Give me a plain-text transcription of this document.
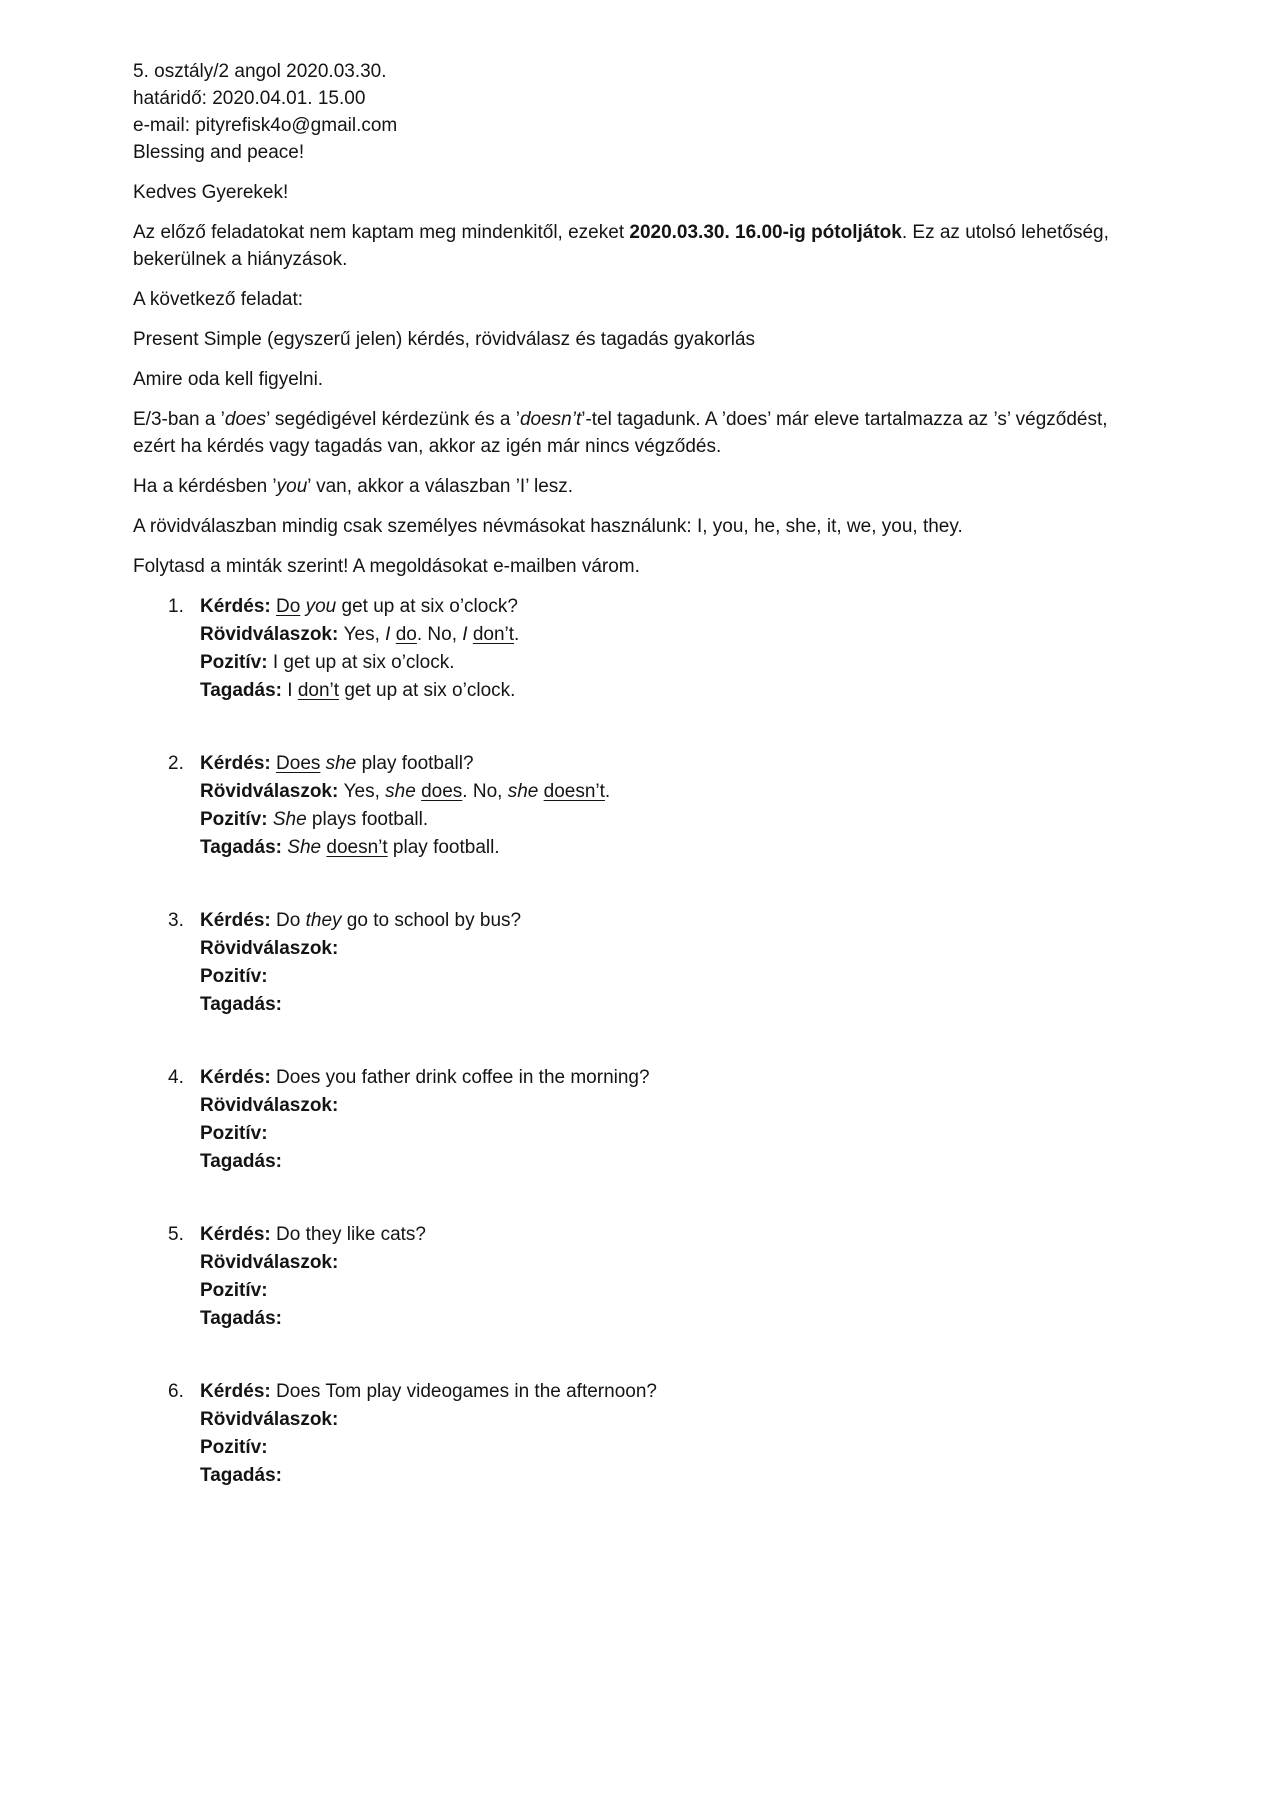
5. osztály/2 angol 2020.03.30.

határidő: 2020.04.01. 15.00

e-mail: pityrefisk4o@gmail.com

Blessing and peace!

Kedves Gyerekek!

Az előző feladatokat nem kaptam meg mindenkitől, ezeket 2020.03.30. 16.00-ig pótoljátok. Ez az utolsó lehetőség, bekerülnek a hiányzások.

A következő feladat:

Present Simple (egyszerű jelen) kérdés, rövidválasz és tagadás gyakorlás

Amire oda kell figyelni.

E/3-ban a ’does’ segédigével kérdezünk és a ’doesn’t’-tel tagadunk. A ’does’ már eleve tartalmazza az ’s’ végződést, ezért ha kérdés vagy tagadás van, akkor az igén már nincs végződés.

Ha a kérdésben ’you’ van, akkor a válaszban ’I’ lesz.

A rövidválaszban mindig csak személyes névmásokat használunk: I, you, he, she, it, we, you, they.

Folytasd a minták szerint! A megoldásokat e-mailben várom.

1. Kérdés: Do you get up at six o’clock?

Rövidválaszok: Yes, I do. No, I don’t.

Pozitív: I get up at six o’clock.

Tagadás: I don’t get up at six o’clock.

2. Kérdés: Does she play football?

Rövidválaszok: Yes, she does. No, she doesn’t.

Pozitív: She plays football.

Tagadás: She doesn’t play football.

3. Kérdés: Do they go to school by bus?

Rövidválaszok:

Pozitív:

Tagadás:

4. Kérdés: Does you father drink coffee in the morning?

Rövidválaszok:

Pozitív:

Tagadás:

5. Kérdés: Do they like cats?

Rövidválaszok:

Pozitív:

Tagadás:

6. Kérdés: Does Tom play videogames in the afternoon?

Rövidválaszok:

Pozitív:

Tagadás:
